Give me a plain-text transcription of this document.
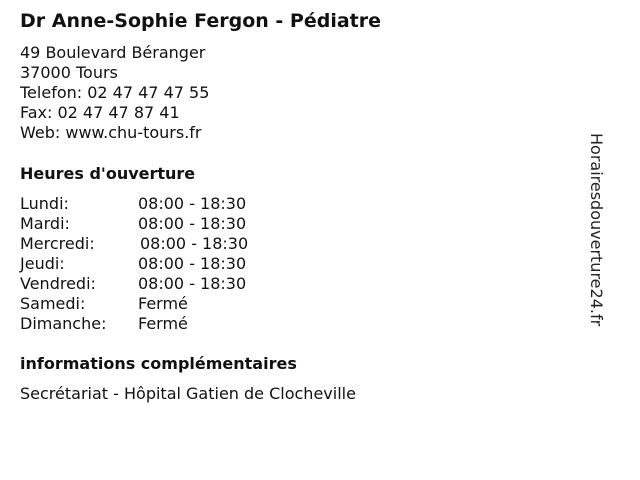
Dr Anne-Sophie Fergon - Pédiatre
49 Boulevard Béranger
37000 Tours
Telefon: 02 47 47 47 55
Fax: 02 47 47 87 41
Web: www.chu-tours.fr
Heures d'ouverture
Lundi:	08:00 - 18:30
Mardi:	08:00 - 18:30
Mercredi:	08:00 - 18:30
Jeudi:	08:00 - 18:30
Vendredi:	08:00 - 18:30
Samedi:	Fermé
Dimanche: Fermé
informations complémentaires
Secrétariat - Hôpital Gatien de Clocheville
Horairesdouverture24.fr
